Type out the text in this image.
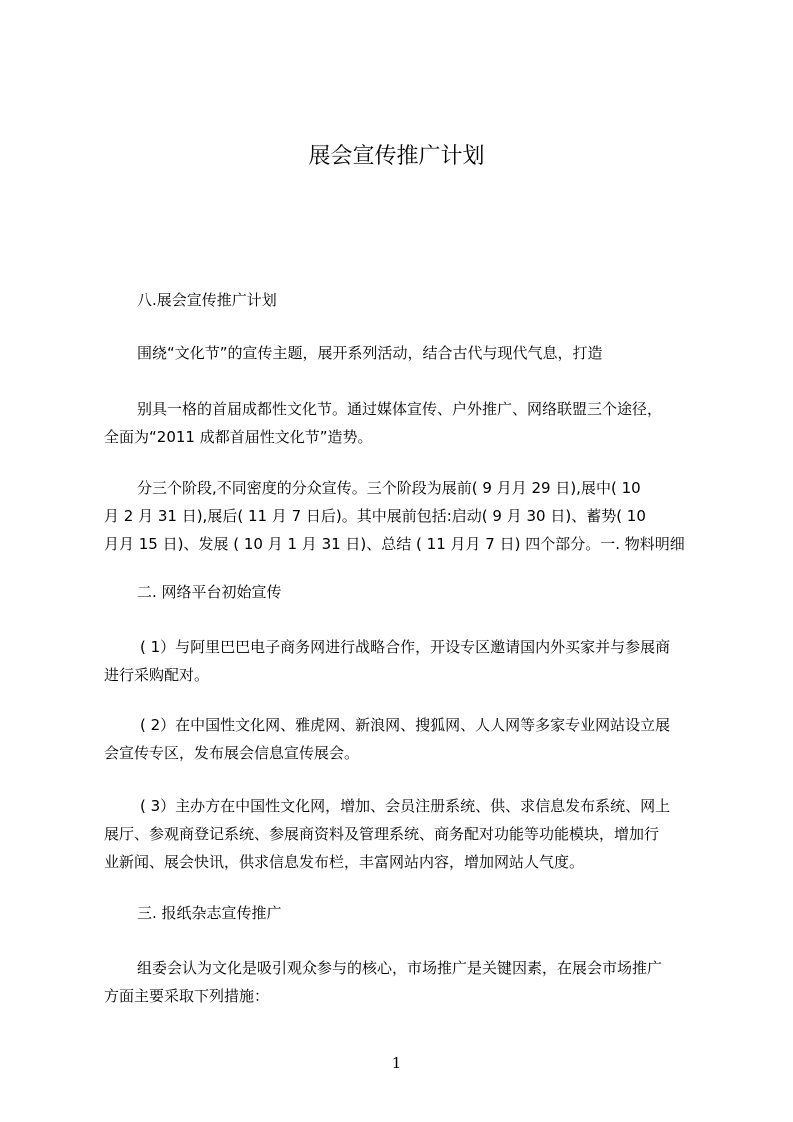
展会宣传推广计划

八.展会宣传推广计划

围绕“文化节”的宣传主题，展开系列活动，结合古代与现代气息，打造

别具一格的首届成都性文化节。通过媒体宣传、户外推广、网络联盟三个途径，
全面为“2011 成都首届性文化节”造势。

分三个阶段,不同密度的分众宣传。三个阶段为展前( 9 月月 29 日),展中( 10
月 2 月 31 日),展后( 11 月 7 日后)。其中展前包括:启动( 9 月 30 日)、蓄势( 10
月月 15 日)、发展 ( 10 月 1 月 31 日)、总结 ( 11 月月 7 日) 四个部分。一. 物料明细

二. 网络平台初始宣传

( 1）与阿里巴巴电子商务网进行战略合作，开设专区邀请国内外买家并与参展商
进行采购配对。

( 2）在中国性文化网、雅虎网、新浪网、搜狐网、人人网等多家专业网站设立展
会宣传专区，发布展会信息宣传展会。

( 3）主办方在中国性文化网，增加、会员注册系统、供、求信息发布系统、网上
展厅、参观商登记系统、参展商资料及管理系统、商务配对功能等功能模块，增加行
业新闻、展会快讯，供求信息发布栏，丰富网站内容，增加网站人气度。

三. 报纸杂志宣传推广

组委会认为文化是吸引观众参与的核心，市场推广是关键因素，在展会市场推广
方面主要采取下列措施：

1
